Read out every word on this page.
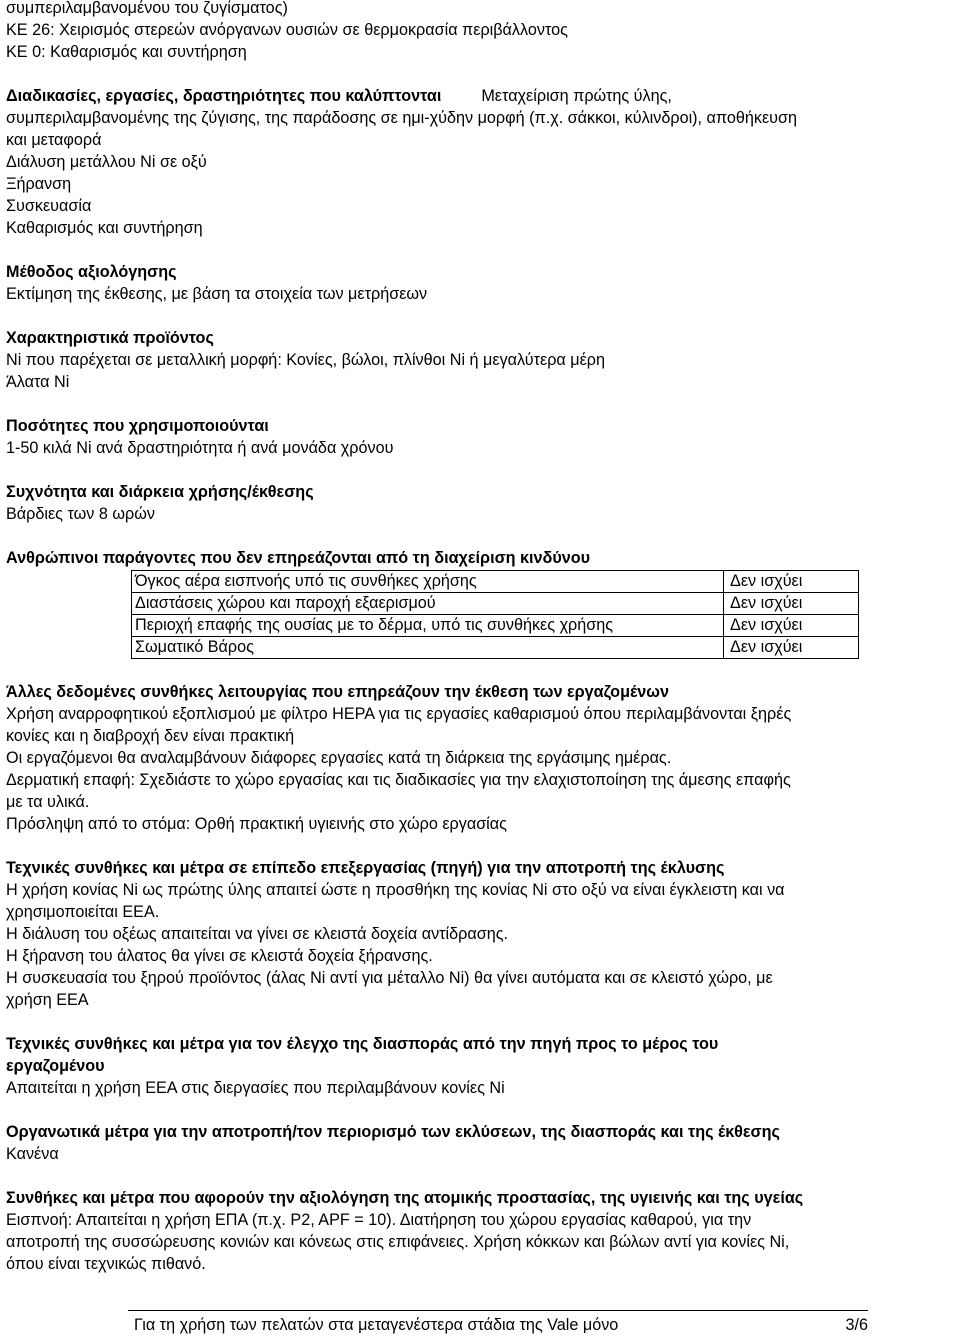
συμπεριλαμβανομένου του ζυγίσματος)

ΚΕ 26: Χειρισμός στερεών ανόργανων ουσιών σε θερμοκρασία περιβάλλοντος

ΚΕ 0: Καθαρισμός και συντήρηση

Διαδικασίες, εργασίες, δραστηριότητες που καλύπτονται Μεταχείριση πρώτης ύλης,

συμπεριλαμβανομένης της ζύγισης, της παράδοσης σε ημι-χύδην μορφή (π.χ. σάκκοι, κύλινδροι), αποθήκευση

και μεταφορά

Διάλυση μετάλλου Ni σε οξύ

Ξήρανση

Συσκευασία

Καθαρισμός και συντήρηση

Μέθοδος αξιολόγησης

Εκτίμηση της έκθεσης, με βάση τα στοιχεία των μετρήσεων

Χαρακτηριστικά προϊόντος

Ni που παρέχεται σε μεταλλική μορφή: Κονίες, βώλοι, πλίνθοι Ni ή μεγαλύτερα μέρη

Άλατα Ni

Ποσότητες που χρησιμοποιούνται

1-50 κιλά Ni ανά δραστηριότητα ή ανά μονάδα χρόνου

Συχνότητα και διάρκεια χρήσης/έκθεσης

Βάρδιες των 8 ωρών

Ανθρώπινοι παράγοντες που δεν επηρεάζονται από τη διαχείριση κινδύνου

Όγκος αέρα εισπνοής υπό τις συνθήκες χρήσης	Δεν ισχύει
Διαστάσεις χώρου και παροχή εξαερισμού	Δεν ισχύει
Περιοχή επαφής της ουσίας με το δέρμα, υπό τις συνθήκες χρήσης	Δεν ισχύει
Σωματικό Βάρος	Δεν ισχύει

Άλλες δεδομένες συνθήκες λειτουργίας που επηρεάζουν την έκθεση των εργαζομένων

Χρήση αναρροφητικού εξοπλισμού με φίλτρο HEPA για τις εργασίες καθαρισμού όπου περιλαμβάνονται ξηρές

κονίες και η διαβροχή δεν είναι πρακτική

Οι εργαζόμενοι θα αναλαμβάνουν διάφορες εργασίες κατά τη διάρκεια της εργάσιμης ημέρας.

Δερματική επαφή: Σχεδιάστε το χώρο εργασίας και τις διαδικασίες για την ελαχιστοποίηση της άμεσης επαφής

με τα υλικά.

Πρόσληψη από το στόμα: Ορθή πρακτική υγιεινής στο χώρο εργασίας

Τεχνικές συνθήκες και μέτρα σε επίπεδο επεξεργασίας (πηγή) για την αποτροπή της έκλυσης

Η χρήση κονίας Ni ως πρώτης ύλης απαιτεί ώστε η προσθήκη της κονίας Ni στο οξύ να είναι έγκλειστη και να

χρησιμοποιείται ΕΕΑ.

Η διάλυση του οξέως απαιτείται να γίνει σε κλειστά δοχεία αντίδρασης.

Η ξήρανση του άλατος θα γίνει σε κλειστά δοχεία ξήρανσης.

Η συσκευασία του ξηρού προϊόντος (άλας Ni αντί για μέταλλο Ni) θα γίνει αυτόματα και σε κλειστό χώρο, με

χρήση ΕΕΑ

Τεχνικές συνθήκες και μέτρα για τον έλεγχο της διασποράς από την πηγή προς το μέρος του

εργαζομένου

Απαιτείται η χρήση ΕΕΑ στις διεργασίες που περιλαμβάνουν κονίες Ni

Οργανωτικά μέτρα για την αποτροπή/τον περιορισμό των εκλύσεων, της διασποράς και της έκθεσης

Κανένα

Συνθήκες και μέτρα που αφορούν την αξιολόγηση της ατομικής προστασίας, της υγιεινής και της υγείας

Εισπνοή: Απαιτείται η χρήση ΕΠΑ (π.χ. P2, APF = 10). Διατήρηση του χώρου εργασίας καθαρού, για την

αποτροπή της συσσώρευσης κονιών και κόνεως στις επιφάνειες. Χρήση κόκκων και βώλων αντί για κονίες Ni,

όπου είναι τεχνικώς πιθανό.

Για τη χρήση των πελατών στα μεταγενέστερα στάδια της Vale μόνο	3/6
